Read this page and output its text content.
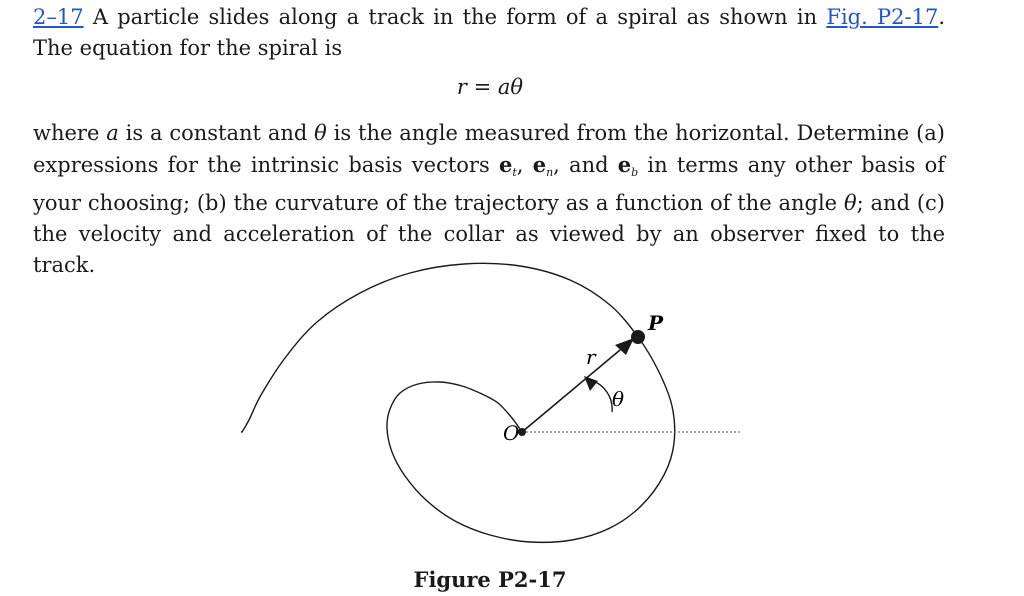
2–17 A particle slides along a track in the form of a spiral as shown in Fig. P2-17. The equation for the spiral is

r = aθ

where a is a constant and θ is the angle measured from the horizontal. Determine (a) expressions for the intrinsic basis vectors $e_t$, $e_n$, and $e_b$ in terms any other basis of your choosing; (b) the curvature of the trajectory as a function of the angle θ; and (c) the velocity and acceleration of the collar as viewed by an observer fixed to the track.

O
P
r
θ
Figure P2-17
